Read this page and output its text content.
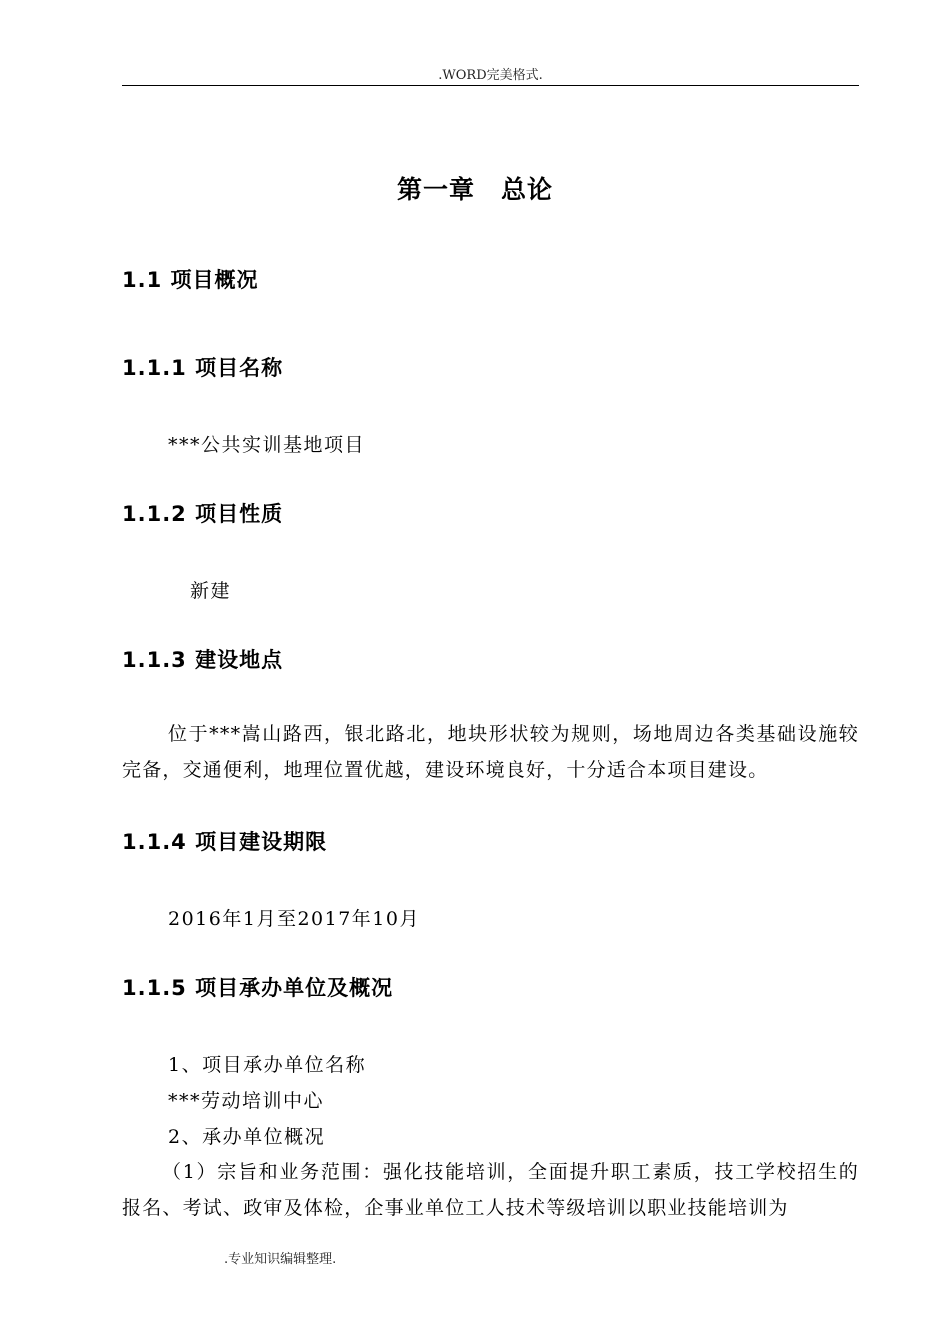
.WORD完美格式.
第一章　总论
1.1 项目概况
1.1.1 项目名称
***公共实训基地项目
1.1.2 项目性质
新建
1.1.3 建设地点
位于***嵩山路西，银北路北，地块形状较为规则，场地周边各类基础设施较完备，交通便利，地理位置优越，建设环境良好，十分适合本项目建设。
1.1.4 项目建设期限
2016年1月至2017年10月
1.1.5 项目承办单位及概况
1、项目承办单位名称
***劳动培训中心
2、承办单位概况
（1）宗旨和业务范围：强化技能培训，全面提升职工素质，技工学校招生的报名、考试、政审及体检，企事业单位工人技术等级培训以职业技能培训为
.专业知识编辑整理.
